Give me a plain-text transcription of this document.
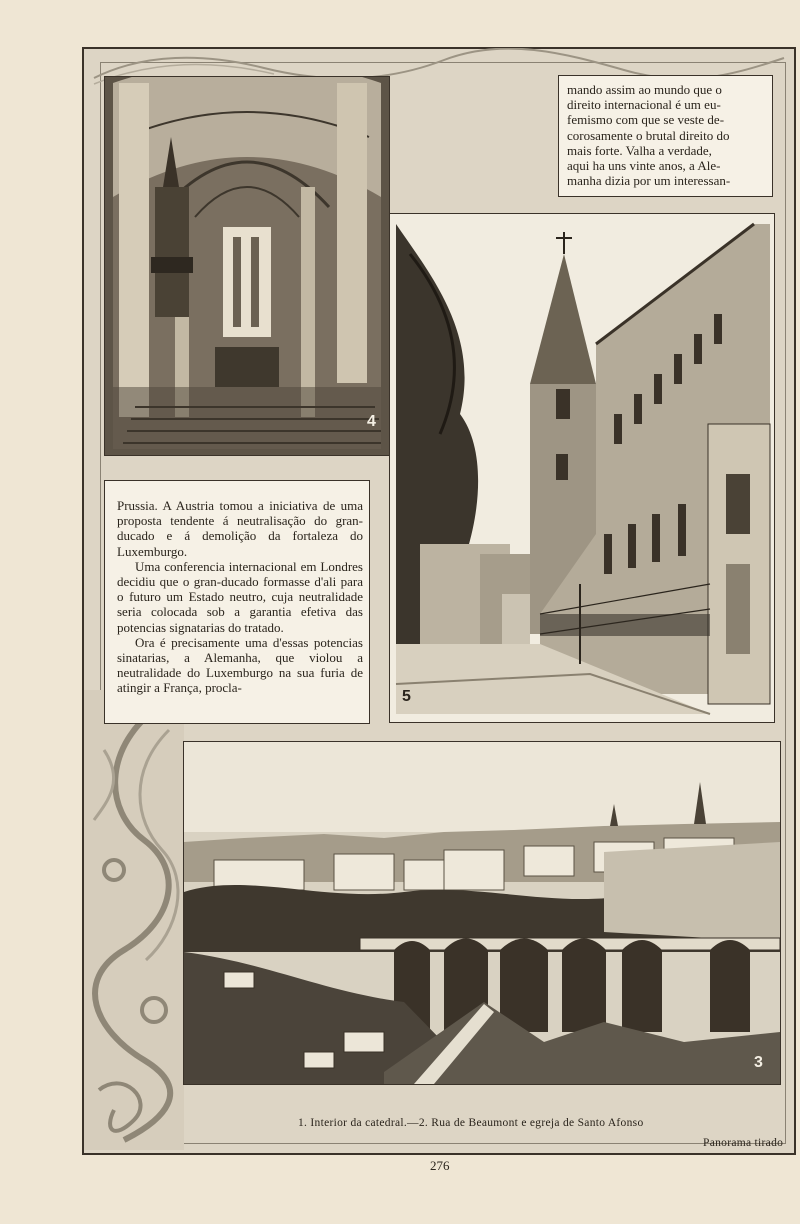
4

mando assim ao mundo que o

direito internacional é um eu-

femismo com que se veste de-

corosamente o brutal direito do

mais forte. Valha a verdade,

aqui ha uns vinte anos, a Ale-

manha dizia por um interessan-

5

Prussia. A Austria tomou a iniciativa de uma proposta tendente á neutralisação do gran-ducado e á demolição da fortaleza do Luxemburgo.

Uma conferencia internacional em Londres decidiu que o gran-ducado formasse d'ali para o futuro um Estado neutro, cuja neutralidade seria colocada sob a garantia efetiva das potencias signatarias do tratado.

Ora é precisamente uma d'essas potencias sinatarias, a Alemanha, que violou a neutralidade do Luxemburgo na sua furia de atingir a França, procla-

3
1. Interior da catedral.—2. Rua de Beaumont e egreja de Santo Afonso
Panorama tirado
276
